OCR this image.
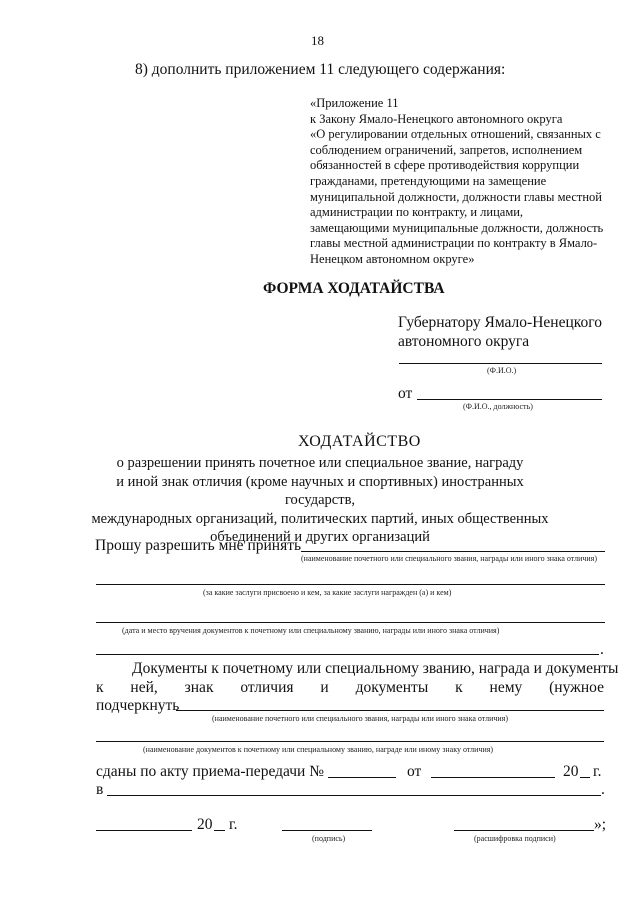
18
8) дополнить приложением 11 следующего содержания:
«Приложение 11
к Закону Ямало-Ненецкого автономного округа
«О регулировании отдельных отношений, связанных с
соблюдением ограничений, запретов, исполнением
обязанностей в сфере противодействия коррупции
гражданами, претендующими на замещение
муниципальной должности, должности главы местной
администрации по контракту, и лицами,
замещающими муниципальные должности, должность
главы местной администрации по контракту в Ямало-
Ненецком автономном округе»
ФОРМА ХОДАТАЙСТВА
Губернатору Ямало-Ненецкого
автономного округа
(Ф.И.О.)
от
(Ф.И.О., должность)
ХОДАТАЙСТВО
о разрешении принять почетное или специальное звание, награду
и иной знак отличия (кроме научных и спортивных) иностранных государств,
международных организаций, политических партий, иных общественных
объединений и других организаций
Прошу разрешить мне принять
(наименование почетного или специального звания, награды или иного знака отличия)
(за какие заслуги присвоено и кем, за какие заслуги награжден (а) и кем)
(дата и место вручения документов к почетному или специальному званию, награды или иного знака отличия)
.
Документы к почетному или специальному званию, награда и документы
к ней, знак отличия и документы к нему (нужное
подчеркнуть
(наименование почетного или специального звания, награды или иного знака отличия)
(наименование документов к почетному или специальному званию, награде или иному знаку отличия)
сданы по акту приема-передачи №	от	20 г.
в	.
20 г.
(подпись)
»;
(расшифровка подписи)
